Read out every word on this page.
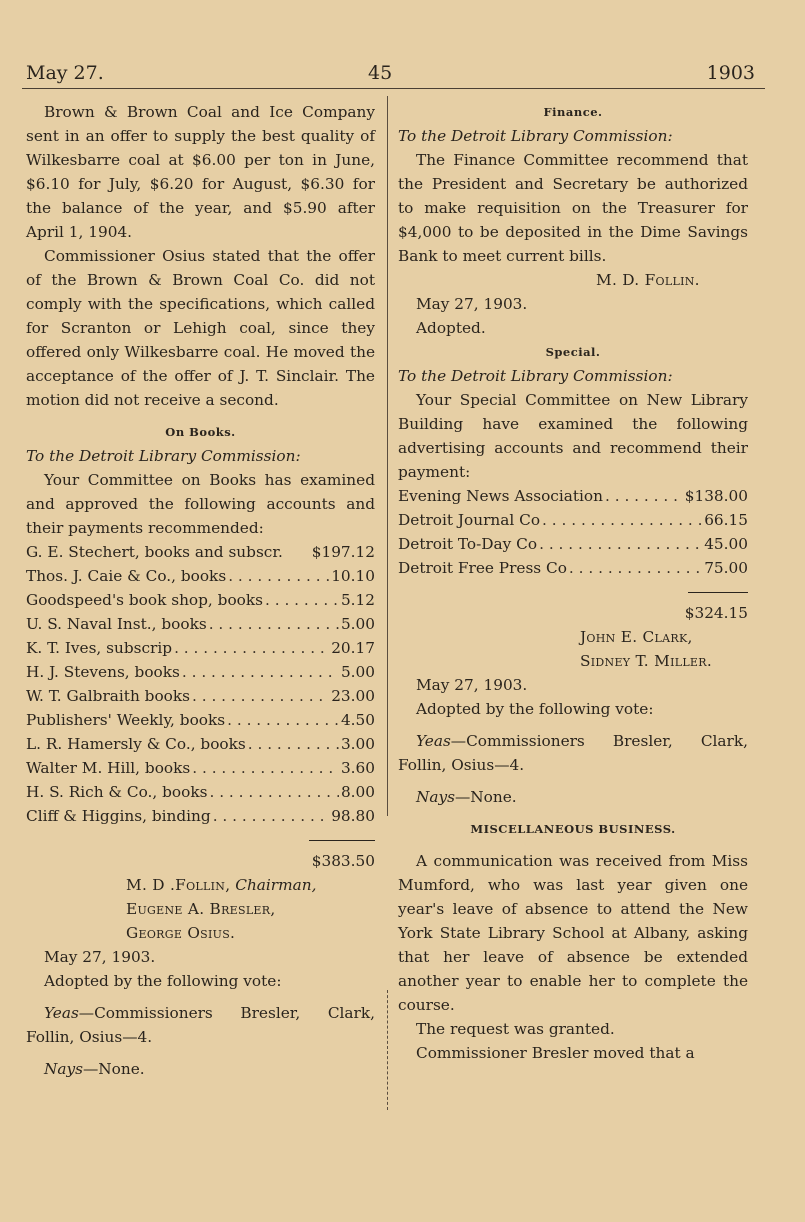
May 27.	45	1903
Brown & Brown Coal and Ice Company sent in an offer to supply the best quality of Wilkesbarre coal at $6.00 per ton in June, $6.10 for July, $6.20 for August, $6.30 for the balance of the year, and $5.90 after April 1, 1904.
Commissioner Osius stated that the offer of the Brown & Brown Coal Co. did not comply with the specifications, which called for Scranton or Lehigh coal, since they offered only Wilkesbarre coal. He moved the acceptance of the offer of J. T. Sinclair. The motion did not receive a second.
On Books.
To the Detroit Library Commission:
Your Committee on Books has examined and approved the following accounts and their payments recommended:
G. E. Stechert, books and subscr. $197.12
Thos. J. Caie & Co., books . . .	10.10
Goodspeed's book shop, books . . .	5.12
U. S. Naval Inst., books . . .	5.00
K. T. Ives, subscrip . . .	20.17
H. J. Stevens, books . . .	5.00
W. T. Galbraith books . . .	23.00
Publishers' Weekly, books . . .	4.50
L. R. Hamersly & Co., books . . .	3.00
Walter M. Hill, books . . .	3.60
H. S. Rich & Co., books . . .	8.00
Cliff & Higgins, binding . . .	98.80
$383.50
M. D .Follin, Chairman,
Eugene A. Bresler,
George Osius.
May 27, 1903.
Adopted by the following vote:
Yeas—Commissioners Bresler, Clark, Follin, Osius—4.
Nays—None.
Finance.
To the Detroit Library Commission:
The Finance Committee recommend that the President and Secretary be authorized to make requisition on the Treasurer for $4,000 to be deposited in the Dime Savings Bank to meet current bills.
M. D. Follin.
May 27, 1903.
Adopted.
Special.
To the Detroit Library Commission:
Your Special Committee on New Library Building have examined the following advertising accounts and recommend their payment:
Evening News Association . . .	$138.00
Detroit Journal Co . . .	66.15
Detroit To-Day Co . . .	45.00
Detroit Free Press Co . . .	75.00
$324.15
John E. Clark,
Sidney T. Miller.
May 27, 1903.
Adopted by the following vote:
Yeas—Commissioners Bresler, Clark, Follin, Osius—4.
Nays—None.
MISCELLANEOUS BUSINESS.
A communication was received from Miss Mumford, who was last year given one year's leave of absence to attend the New York State Library School at Albany, asking that her leave of absence be extended another year to enable her to complete the course.
The request was granted.
Commissioner Bresler moved that a
